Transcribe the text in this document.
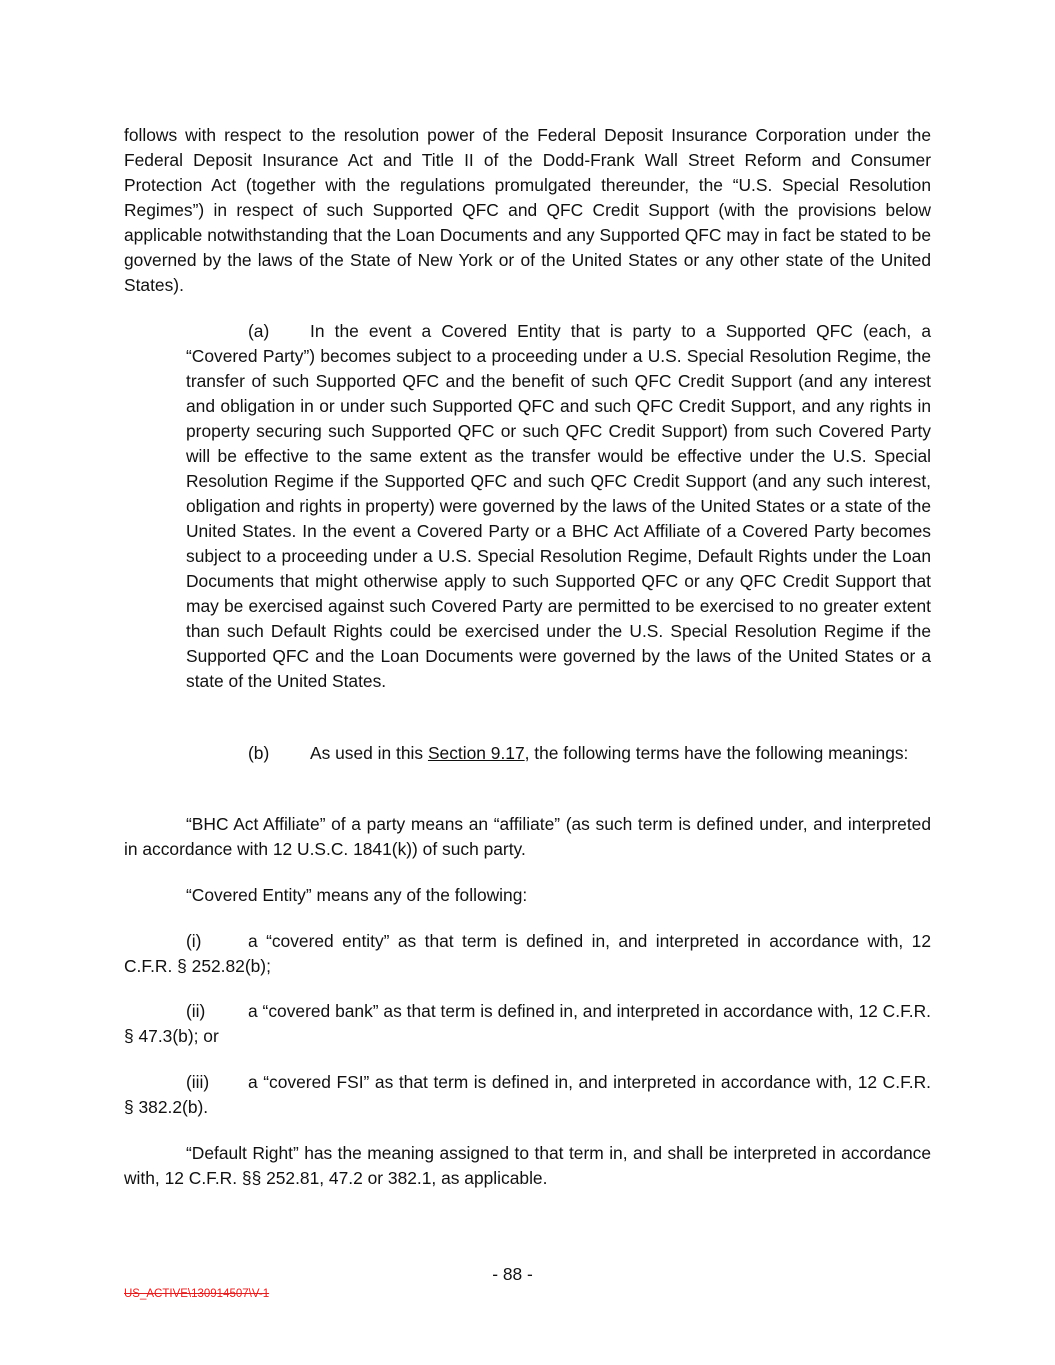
follows with respect to the resolution power of the Federal Deposit Insurance Corporation under the Federal Deposit Insurance Act and Title II of the Dodd-Frank Wall Street Reform and Consumer Protection Act (together with the regulations promulgated thereunder, the “U.S. Special Resolution Regimes”) in respect of such Supported QFC and QFC Credit Support (with the provisions below applicable notwithstanding that the Loan Documents and any Supported QFC may in fact be stated to be governed by the laws of the State of New York or of the United States or any other state of the United States).

(a) In the event a Covered Entity that is party to a Supported QFC (each, a “Covered Party”) becomes subject to a proceeding under a U.S. Special Resolution Regime, the transfer of such Supported QFC and the benefit of such QFC Credit Support (and any interest and obligation in or under such Supported QFC and such QFC Credit Support, and any rights in property securing such Supported QFC or such QFC Credit Support) from such Covered Party will be effective to the same extent as the transfer would be effective under the U.S. Special Resolution Regime if the Supported QFC and such QFC Credit Support (and any such interest, obligation and rights in property) were governed by the laws of the United States or a state of the United States. In the event a Covered Party or a BHC Act Affiliate of a Covered Party becomes subject to a proceeding under a U.S. Special Resolution Regime, Default Rights under the Loan Documents that might otherwise apply to such Supported QFC or any QFC Credit Support that may be exercised against such Covered Party are permitted to be exercised to no greater extent than such Default Rights could be exercised under the U.S. Special Resolution Regime if the Supported QFC and the Loan Documents were governed by the laws of the United States or a state of the United States.

(b) As used in this Section 9.17, the following terms have the following meanings:

“BHC Act Affiliate” of a party means an “affiliate” (as such term is defined under, and interpreted in accordance with 12 U.S.C. 1841(k)) of such party.

“Covered Entity” means any of the following:

(i)	a “covered entity” as that term is defined in, and interpreted in accordance with, 12 C.F.R. § 252.82(b);

(ii) a “covered bank” as that term is defined in, and interpreted in accordance with, 12 C.F.R. § 47.3(b); or

(iii) a “covered FSI” as that term is defined in, and interpreted in accordance with, 12 C.F.R. § 382.2(b).

“Default Right” has the meaning assigned to that term in, and shall be interpreted in accordance with, 12 C.F.R. §§ 252.81, 47.2 or 382.1, as applicable.

- 88 -
US_ACTIVE\130914507\V-1
